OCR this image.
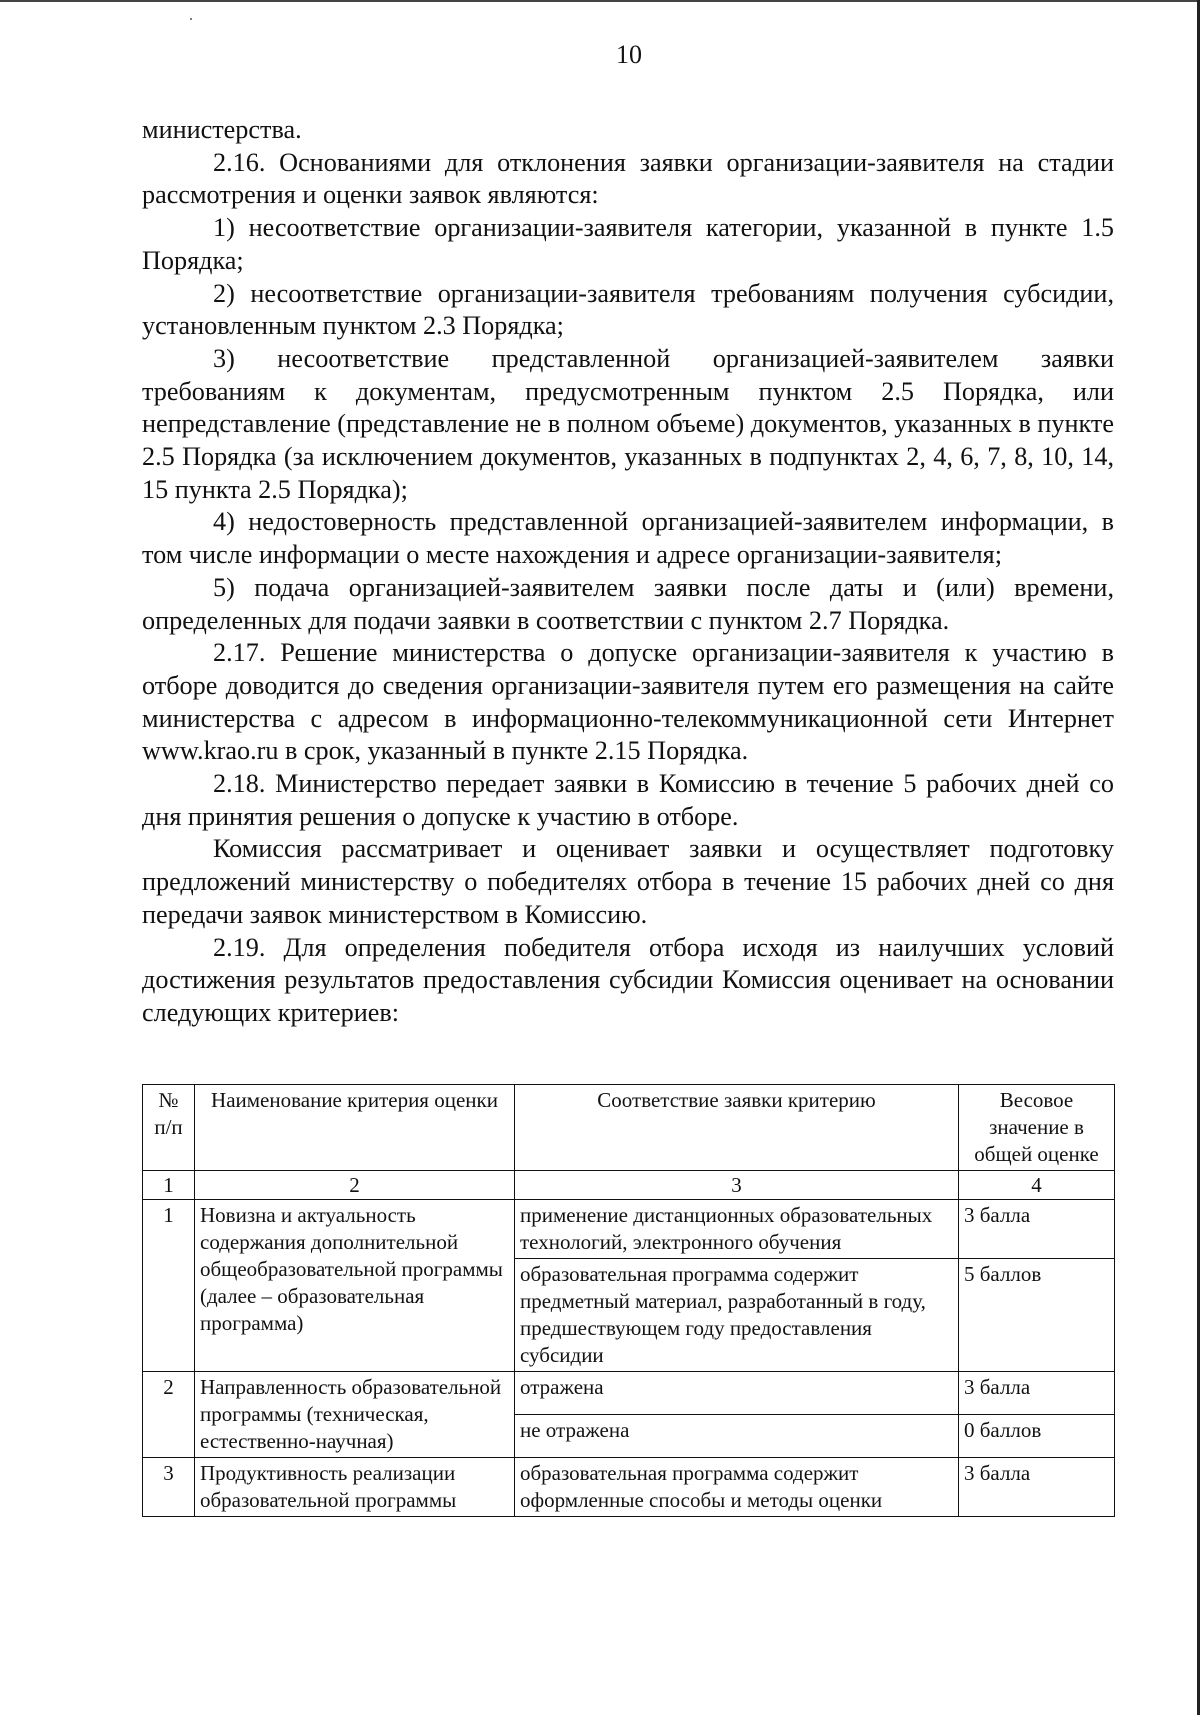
10

министерства.

2.16. Основаниями для отклонения заявки организации-заявителя на стадии рассмотрения и оценки заявок являются:

1) несоответствие организации-заявителя категории, указанной в пункте 1.5 Порядка;

2) несоответствие организации-заявителя требованиям получения субсидии, установленным пунктом 2.3 Порядка;

3) несоответствие представленной организацией-заявителем заявки требованиям к документам, предусмотренным пунктом 2.5 Порядка, или непредставление (представление не в полном объеме) документов, указанных в пункте 2.5 Порядка (за исключением документов, указанных в подпунктах 2, 4, 6, 7, 8, 10, 14, 15 пункта 2.5 Порядка);

4) недостоверность представленной организацией-заявителем информации, в том числе информации о месте нахождения и адресе организации-заявителя;

5) подача организацией-заявителем заявки после даты и (или) времени, определенных для подачи заявки в соответствии с пунктом 2.7 Порядка.

2.17. Решение министерства о допуске организации-заявителя к участию в отборе доводится до сведения организации-заявителя путем его размещения на сайте министерства с адресом в информационно-телекоммуникационной сети Интернет www.krao.ru в срок, указанный в пункте 2.15 Порядка.

2.18. Министерство передает заявки в Комиссию в течение 5 рабочих дней со дня принятия решения о допуске к участию в отборе.

Комиссия рассматривает и оценивает заявки и осуществляет подготовку предложений министерству о победителях отбора в течение 15 рабочих дней со дня передачи заявок министерством в Комиссию.

2.19. Для определения победителя отбора исходя из наилучших условий достижения результатов предоставления субсидии Комиссия оценивает на основании следующих критериев:

№ п/п	Наименование критерия оценки	Соответствие заявки критерию	Весовое значение в общей оценке
1	2	3	4
1	Новизна и актуальность содержания дополнительной общеобразовательной программы (далее – образовательная программа)	применение дистанционных образовательных технологий, электронного обучения	3 балла
		образовательная программа содержит предметный материал, разработанный в году, предшествующем году предоставления субсидии	5 баллов
2	Направленность образовательной программы (техническая, естественно-научная)	отражена	3 балла
		не отражена	0 баллов
3	Продуктивность реализации образовательной программы	образовательная программа содержит оформленные способы и методы оценки	3 балла
